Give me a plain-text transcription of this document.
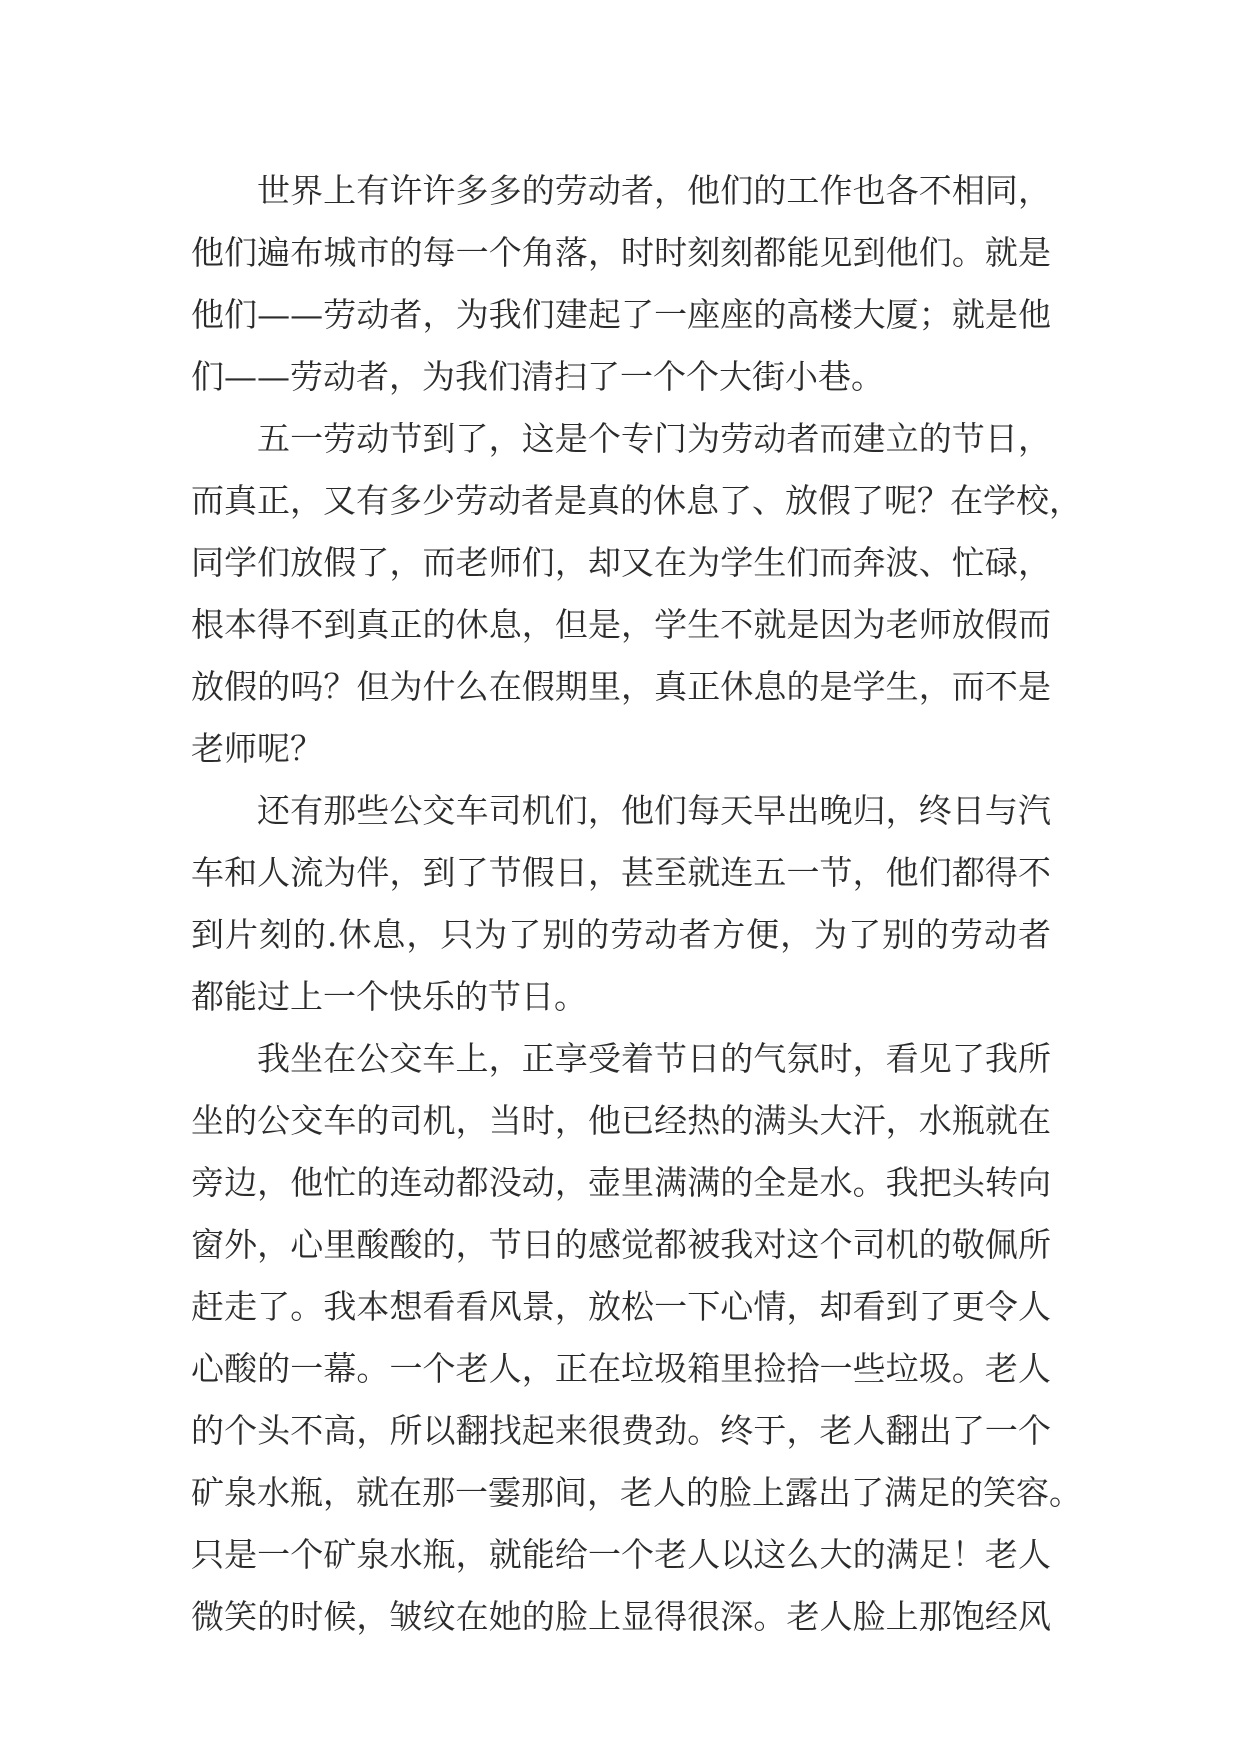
世界上有许许多多的劳动者，他们的工作也各不相同，
他们遍布城市的每一个角落，时时刻刻都能见到他们。就是
他们——劳动者，为我们建起了一座座的高楼大厦；就是他
们——劳动者，为我们清扫了一个个大街小巷。
五一劳动节到了，这是个专门为劳动者而建立的节日，
而真正，又有多少劳动者是真的休息了、放假了呢？在学校，
同学们放假了，而老师们，却又在为学生们而奔波、忙碌，
根本得不到真正的休息，但是，学生不就是因为老师放假而
放假的吗？但为什么在假期里，真正休息的是学生，而不是
老师呢？
还有那些公交车司机们，他们每天早出晚归，终日与汽
车和人流为伴，到了节假日，甚至就连五一节，他们都得不
到片刻的.休息，只为了别的劳动者方便，为了别的劳动者
都能过上一个快乐的节日。
我坐在公交车上，正享受着节日的气氛时，看见了我所
坐的公交车的司机，当时，他已经热的满头大汗，水瓶就在
旁边，他忙的连动都没动，壶里满满的全是水。我把头转向
窗外，心里酸酸的，节日的感觉都被我对这个司机的敬佩所
赶走了。我本想看看风景，放松一下心情，却看到了更令人
心酸的一幕。一个老人，正在垃圾箱里捡拾一些垃圾。老人
的个头不高，所以翻找起来很费劲。终于，老人翻出了一个
矿泉水瓶，就在那一霎那间，老人的脸上露出了满足的笑容。
只是一个矿泉水瓶，就能给一个老人以这么大的满足！老人
微笑的时候，皱纹在她的脸上显得很深。老人脸上那饱经风
